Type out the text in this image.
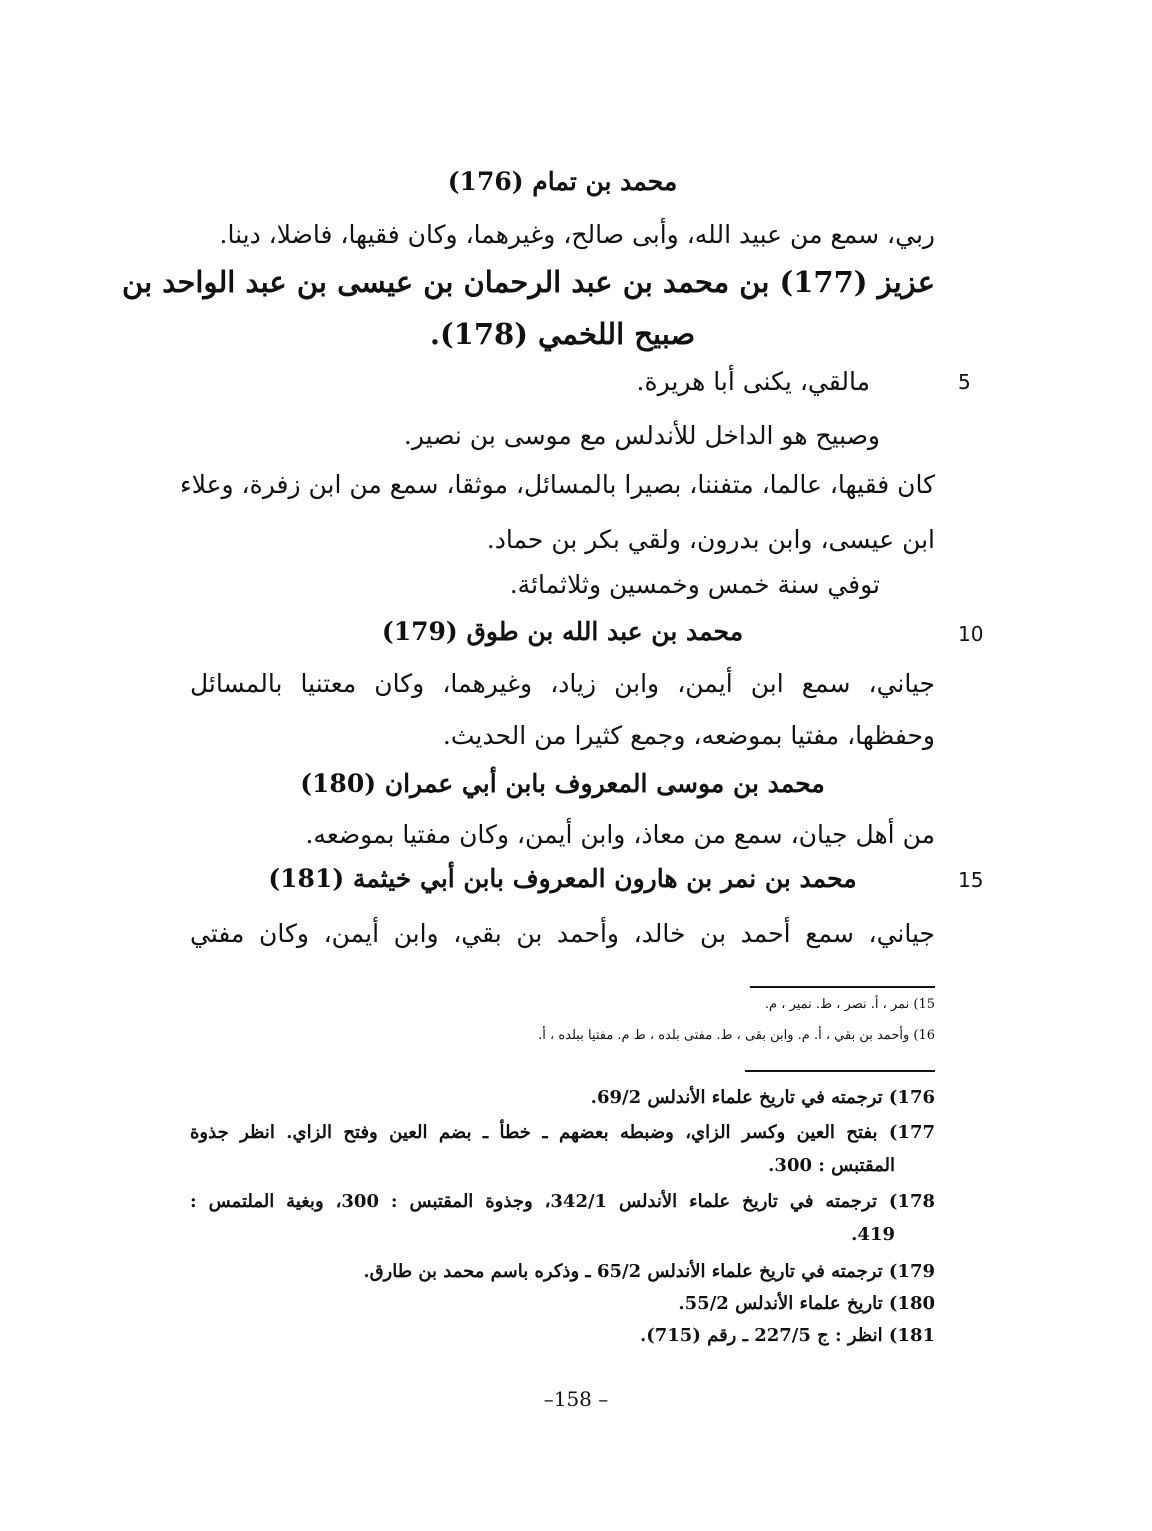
محمد بن تمام (176)
ربي، سمع من عبيد الله، وأبى صالح، وغيرهما، وكان فقيها، فاضلا، دينا.
عزيز (177) بن محمد بن عبد الرحمان بن عيسى بن عبد الواحد بن
صبيح اللخمي (178).
5
مالقي، يكنى أبا هريرة.
وصبيح هو الداخل للأندلس مع موسى بن نصير.
كان فقيها، عالما، متفننا، بصيرا بالمسائل، موثقا، سمع من ابن زفرة، وعلاء
ابن عيسى، وابن بدرون، ولقي بكر بن حماد.
توفي سنة خمس وخمسين وثلاثمائة.
10
محمد بن عبد الله بن طوق (179)
جياني، سمع ابن أيمن، وابن زياد، وغيرهما، وكان معتنيا بالمسائل
وحفظها، مفتيا بموضعه، وجمع كثيرا من الحديث.
محمد بن موسى المعروف بابن أبي عمران (180)
من أهل جيان، سمع من معاذ، وابن أيمن، وكان مفتيا بموضعه.
15
محمد بن نمر بن هارون المعروف بابن أبي خيثمة (181)
جياني، سمع أحمد بن خالد، وأحمد بن بقي، وابن أيمن، وكان مفتي
15) نمر ، أ. نصر ، ط. نمير ، م.
16) وأحمد بن بقي ، أ. م. وابن بقى ، ط. مفتى بلده ، ط م. مفتيا ببلده ، أ.
176) ترجمته في تاريخ علماء الأندلس 69/2.
177) بفتح العين وكسر الزاي، وضبطه بعضهم ـ خطأ ـ بضم العين وفتح الزاي. انظر جذوة
المقتبس : 300.
178) ترجمته في تاريخ علماء الأندلس 342/1، وجذوة المقتبس : 300، وبغية الملتمس :
419.
179) ترجمته في تاريخ علماء الأندلس 65/2 ـ وذكره باسم محمد بن طارق.
180) تاريخ علماء الأندلس 55/2.
181) انظر : ج 227/5 ـ رقم (715).
–158 –
